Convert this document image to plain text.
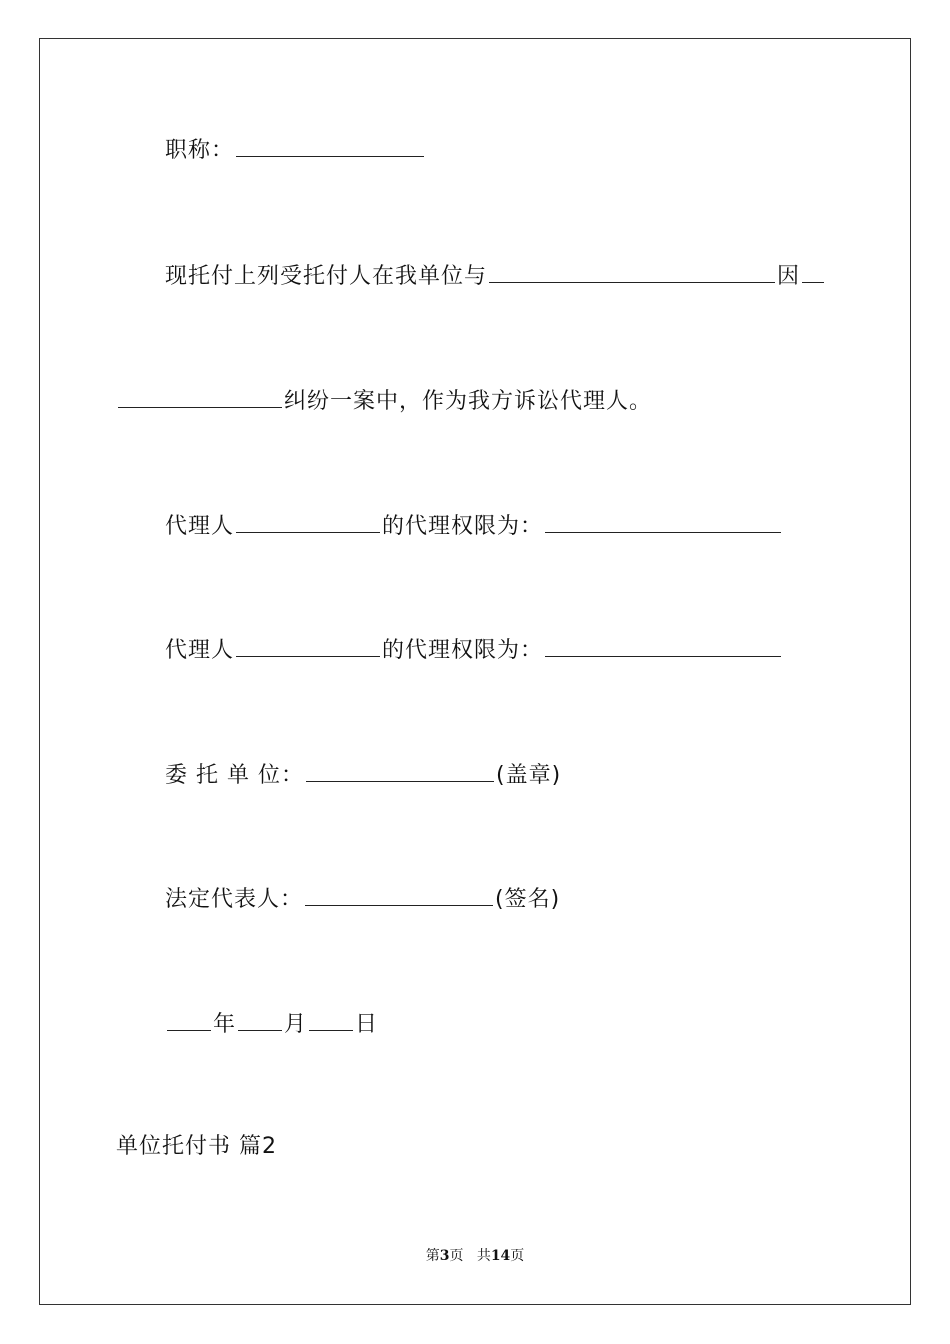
职称：
现托付上列受托付人在我单位与	因
纠纷一案中，作为我方诉讼代理人。
代理人	的代理权限为：
代理人	的代理权限为：
委 托 单 位：	(盖章)
法定代表人：	(签名)
年 月 日
单位托付书 篇2
第3页 共14页
